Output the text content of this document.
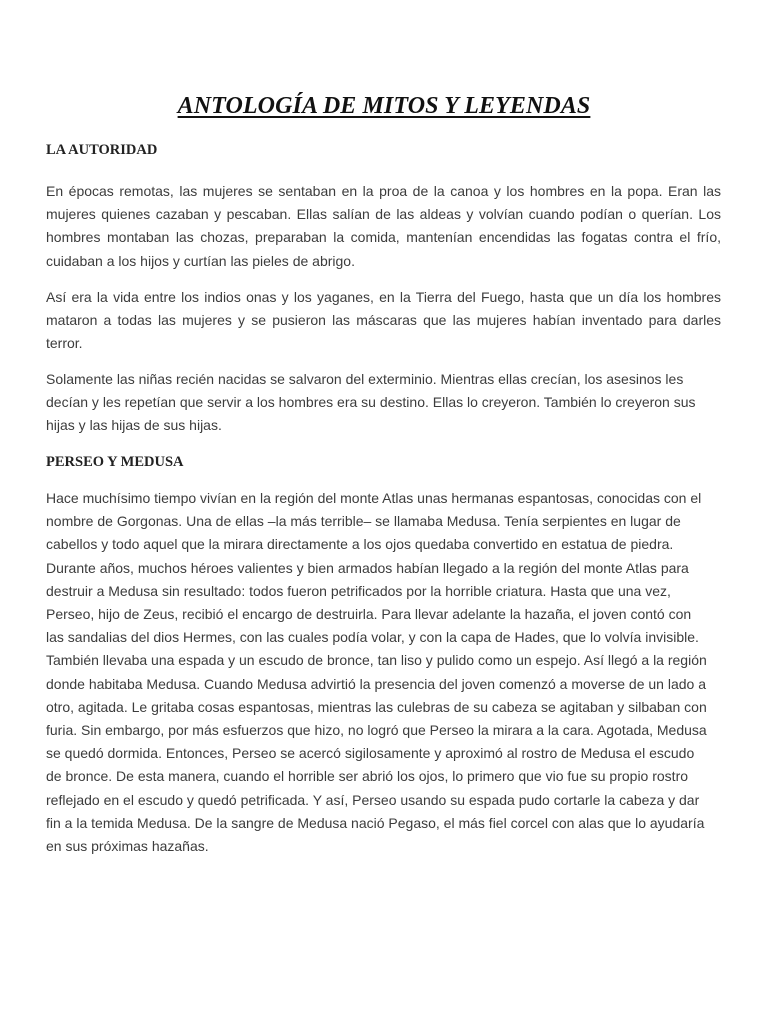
ANTOLOGÍA DE MITOS Y LEYENDAS
LA AUTORIDAD

En épocas remotas, las mujeres se sentaban en la proa de la canoa y los hombres en la popa. Eran las mujeres quienes cazaban y pescaban. Ellas salían de las aldeas y volvían cuando podían o querían. Los hombres montaban las chozas, preparaban la comida, mantenían encendidas las fogatas contra el frío, cuidaban a los hijos y curtían las pieles de abrigo.

Así era la vida entre los indios onas y los yaganes, en la Tierra del Fuego, hasta que un día los hombres mataron a todas las mujeres y se pusieron las máscaras que las mujeres habían inventado para darles terror.

Solamente las niñas recién nacidas se salvaron del exterminio. Mientras ellas crecían, los asesinos les decían y les repetían que servir a los hombres era su destino. Ellas lo creyeron. También lo creyeron sus hijas y las hijas de sus hijas.

PERSEO Y MEDUSA

Hace muchísimo tiempo vivían en la región del monte Atlas unas hermanas espantosas, conocidas con el nombre de Gorgonas. Una de ellas –la más terrible– se llamaba Medusa. Tenía serpientes en lugar de cabellos y todo aquel que la mirara directamente a los ojos quedaba convertido en estatua de piedra. Durante años, muchos héroes valientes y bien armados habían llegado a la región del monte Atlas para destruir a Medusa sin resultado: todos fueron petrificados por la horrible criatura. Hasta que una vez, Perseo, hijo de Zeus, recibió el encargo de destruirla. Para llevar adelante la hazaña, el joven contó con las sandalias del dios Hermes, con las cuales podía volar, y con la capa de Hades, que lo volvía invisible. También llevaba una espada y un escudo de bronce, tan liso y pulido como un espejo. Así llegó a la región donde habitaba Medusa. Cuando Medusa advirtió la presencia del joven comenzó a moverse de un lado a otro, agitada. Le gritaba cosas espantosas, mientras las culebras de su cabeza se agitaban y silbaban con furia. Sin embargo, por más esfuerzos que hizo, no logró que Perseo la mirara a la cara. Agotada, Medusa se quedó dormida. Entonces, Perseo se acercó sigilosamente y aproximó al rostro de Medusa el escudo de bronce. De esta manera, cuando el horrible ser abrió los ojos, lo primero que vio fue su propio rostro reflejado en el escudo y quedó petrificada. Y así, Perseo usando su espada pudo cortarle la cabeza y dar fin a la temida Medusa. De la sangre de Medusa nació Pegaso, el más fiel corcel con alas que lo ayudaría en sus próximas hazañas.
